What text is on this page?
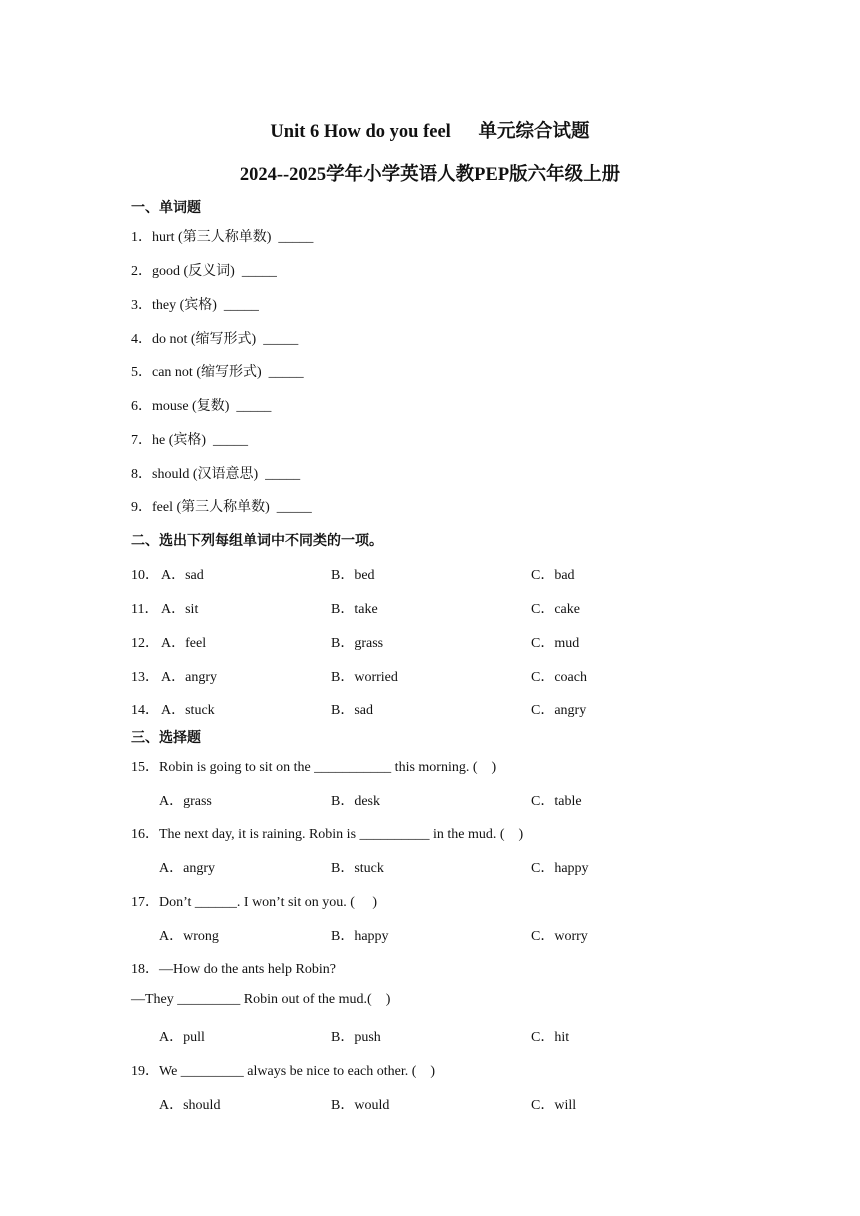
Unit 6 How do you feel      单元综合试题
2024--2025学年小学英语人教PEP版六年级上册
一、单词题
1．hurt (第三人称单数)  _____
2．good (反义词)  _____
3．they (宾格)  _____
4．do not (缩写形式)  _____
5．can not (缩写形式)  _____
6．mouse (复数)  _____
7．he (宾格)  _____
8．should (汉语意思)  _____
9．feel (第三人称单数)  _____
二、选出下列每组单词中不同类的一项。
10． A．sad	B．bed	C．bad
11． A．sit	B．take	C．cake
12． A．feel	B．grass	C．mud
13． A．angry	B．worried	C．coach
14． A．stuck	B．sad	C．angry
三、选择题
15．Robin is going to sit on the ___________ this morning. (    )
A．grass	B．desk	C．table
16．The next day, it is raining. Robin is __________ in the mud. (    )
A．angry	B．stuck	C．happy
17．Don’t ______. I won’t sit on you. (     )
A．wrong	B．happy	C．worry
18．—How do the ants help Robin?
—They _________ Robin out of the mud.(    )
A．pull	B．push	C．hit
19．We _________ always be nice to each other. (    )
A．should	B．would	C．will
